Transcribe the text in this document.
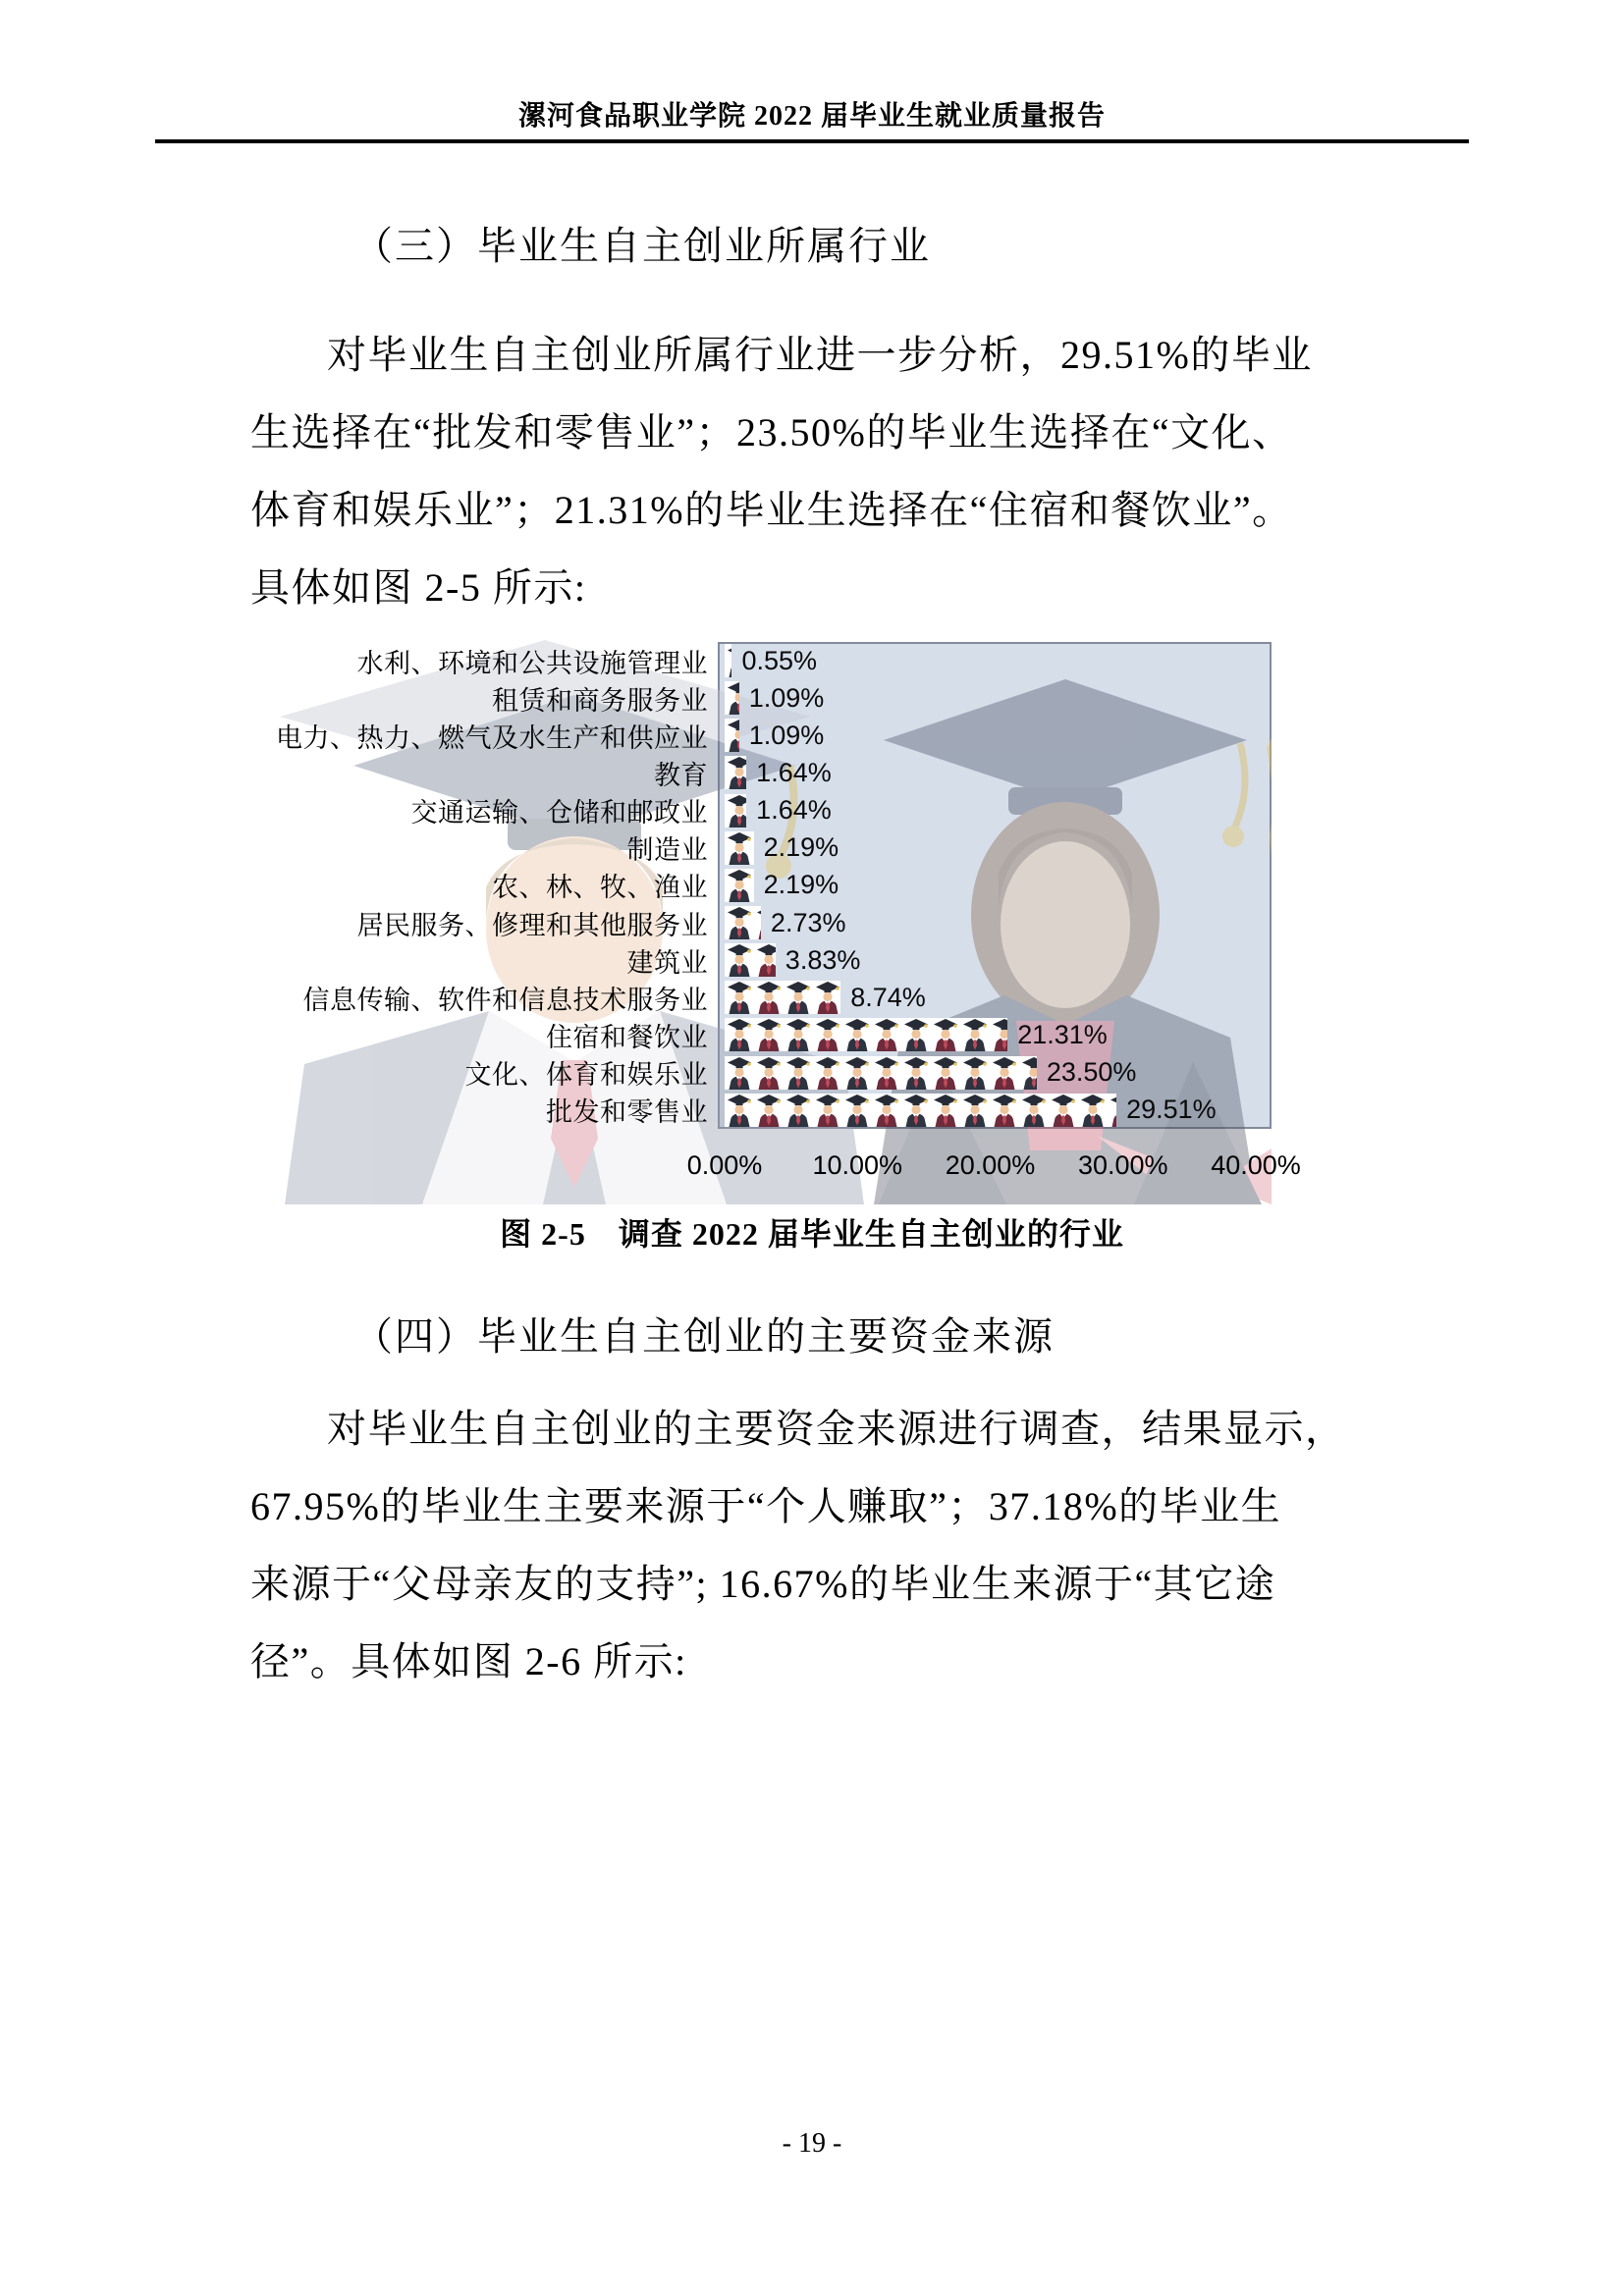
漯河食品职业学院 2022 届毕业生就业质量报告
（三）毕业生自主创业所属行业
对毕业生自主创业所属行业进一步分析，29.51%的毕业
生选择在“批发和零售业”；23.50%的毕业生选择在“文化、
体育和娱乐业”；21.31%的毕业生选择在“住宿和餐饮业”。
具体如图 2-5 所示:
水利、环境和公共设施管理业
租赁和商务服务业
电力、热力、燃气及水生产和供应业
教育
交通运输、仓储和邮政业
制造业
农、林、牧、渔业
居民服务、修理和其他服务业
建筑业
信息传输、软件和信息技术服务业
住宿和餐饮业
文化、体育和娱乐业
批发和零售业
0.55%
1.09%
1.09%
1.64%
1.64%
2.19%
2.19%
2.73%
3.83%
8.74%
21.31%
23.50%
29.51%
0.00% 10.00% 20.00% 30.00% 40.00%
图 2-5　调查 2022 届毕业生自主创业的行业
（四）毕业生自主创业的主要资金来源
对毕业生自主创业的主要资金来源进行调查，结果显示，
67.95%的毕业生主要来源于“个人赚取”；37.18%的毕业生
来源于“父母亲友的支持”; 16.67%的毕业生来源于“其它途
径”。具体如图 2-6 所示:
- 19 -
